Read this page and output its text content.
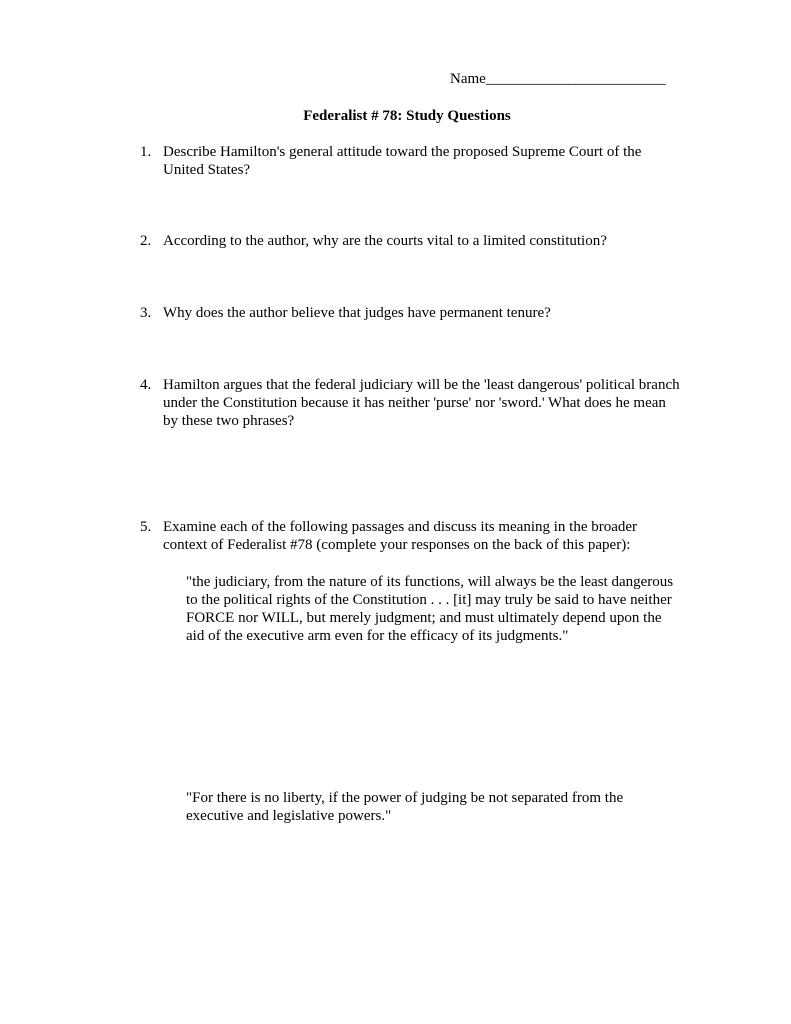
Name________________________
Federalist # 78: Study Questions
1. Describe Hamilton's general attitude toward the proposed Supreme Court of the United States?
2. According to the author, why are the courts vital to a limited constitution?
3. Why does the author believe that judges have permanent tenure?
4. Hamilton argues that the federal judiciary will be the 'least dangerous' political branch under the Constitution because it has neither 'purse' nor 'sword.' What does he mean by these two phrases?
5. Examine each of the following passages and discuss its meaning in the broader context of Federalist #78 (complete your responses on the back of this paper):
"the judiciary, from the nature of its functions, will always be the least dangerous to the political rights of the Constitution . . . [it] may truly be said to have neither FORCE nor WILL, but merely judgment; and must ultimately depend upon the aid of the executive arm even for the efficacy of its judgments."
"For there is no liberty, if the power of judging be not separated from the executive and legislative powers."
